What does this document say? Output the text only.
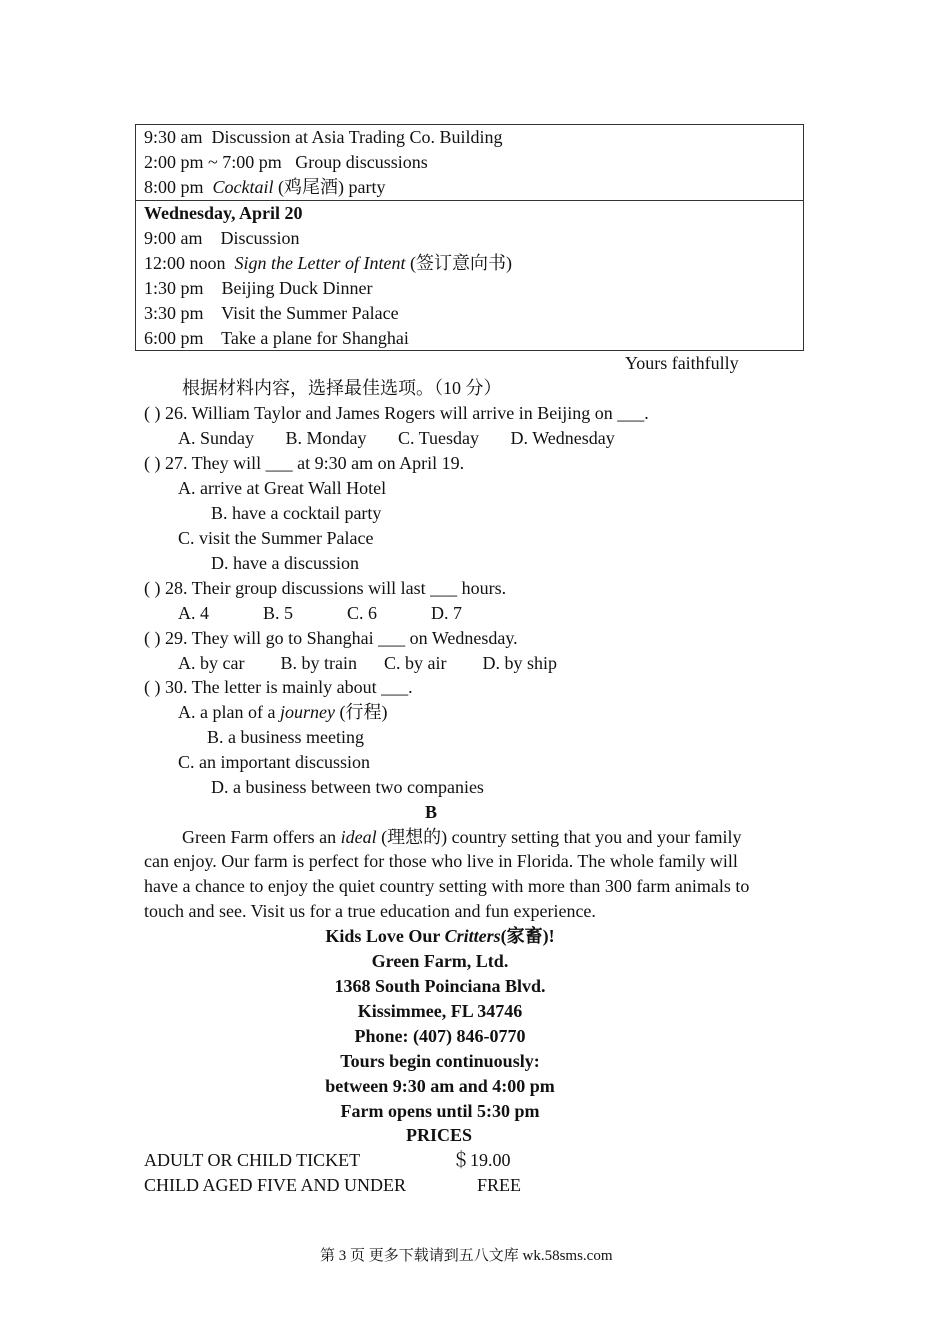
9:30 am  Discussion at Asia Trading Co. Building
2:00 pm ~ 7:00 pm   Group discussions
8:00 pm  Cocktail (鸡尾酒) party
Wednesday, April 20
9:00 am    Discussion
12:00 noon  Sign the Letter of Intent (签订意向书)
1:30 pm    Beijing Duck Dinner
3:30 pm    Visit the Summer Palace
6:00 pm    Take a plane for Shanghai
Yours faithfully
根据材料内容，选择最佳选项。（10 分）
( ) 26. William Taylor and James Rogers will arrive in Beijing on ___.
A. Sunday       B. Monday       C. Tuesday       D. Wednesday
( ) 27. They will ___ at 9:30 am on April 19.
A. arrive at Great Wall Hotel
B. have a cocktail party
C. visit the Summer Palace
D. have a discussion
( ) 28. Their group discussions will last ___ hours.
A. 4            B. 5            C. 6            D. 7
( ) 29. They will go to Shanghai ___ on Wednesday.
A. by car        B. by train      C. by air        D. by ship
( ) 30. The letter is mainly about ___.
A. a plan of a journey (行程)
B. a business meeting
C. an important discussion
D. a business between two companies
B
Green Farm offers an ideal (理想的) country setting that you and your family
can enjoy. Our farm is perfect for those who live in Florida. The whole family will
have a chance to enjoy the quiet country setting with more than 300 farm animals to
touch and see. Visit us for a true education and fun experience.
Kids Love Our Critters(家畜)!
Green Farm, Ltd.
1368 South Poinciana Blvd.
Kissimmee, FL 34746
Phone: (407) 846-0770
Tours begin continuously:
between 9:30 am and 4:00 pm
Farm opens until 5:30 pm
PRICES
ADULT OR CHILD TICKET	＄19.00
CHILD AGED FIVE AND UNDER	FREE
第 3 页 更多下载请到五八文库 wk.58sms.com
